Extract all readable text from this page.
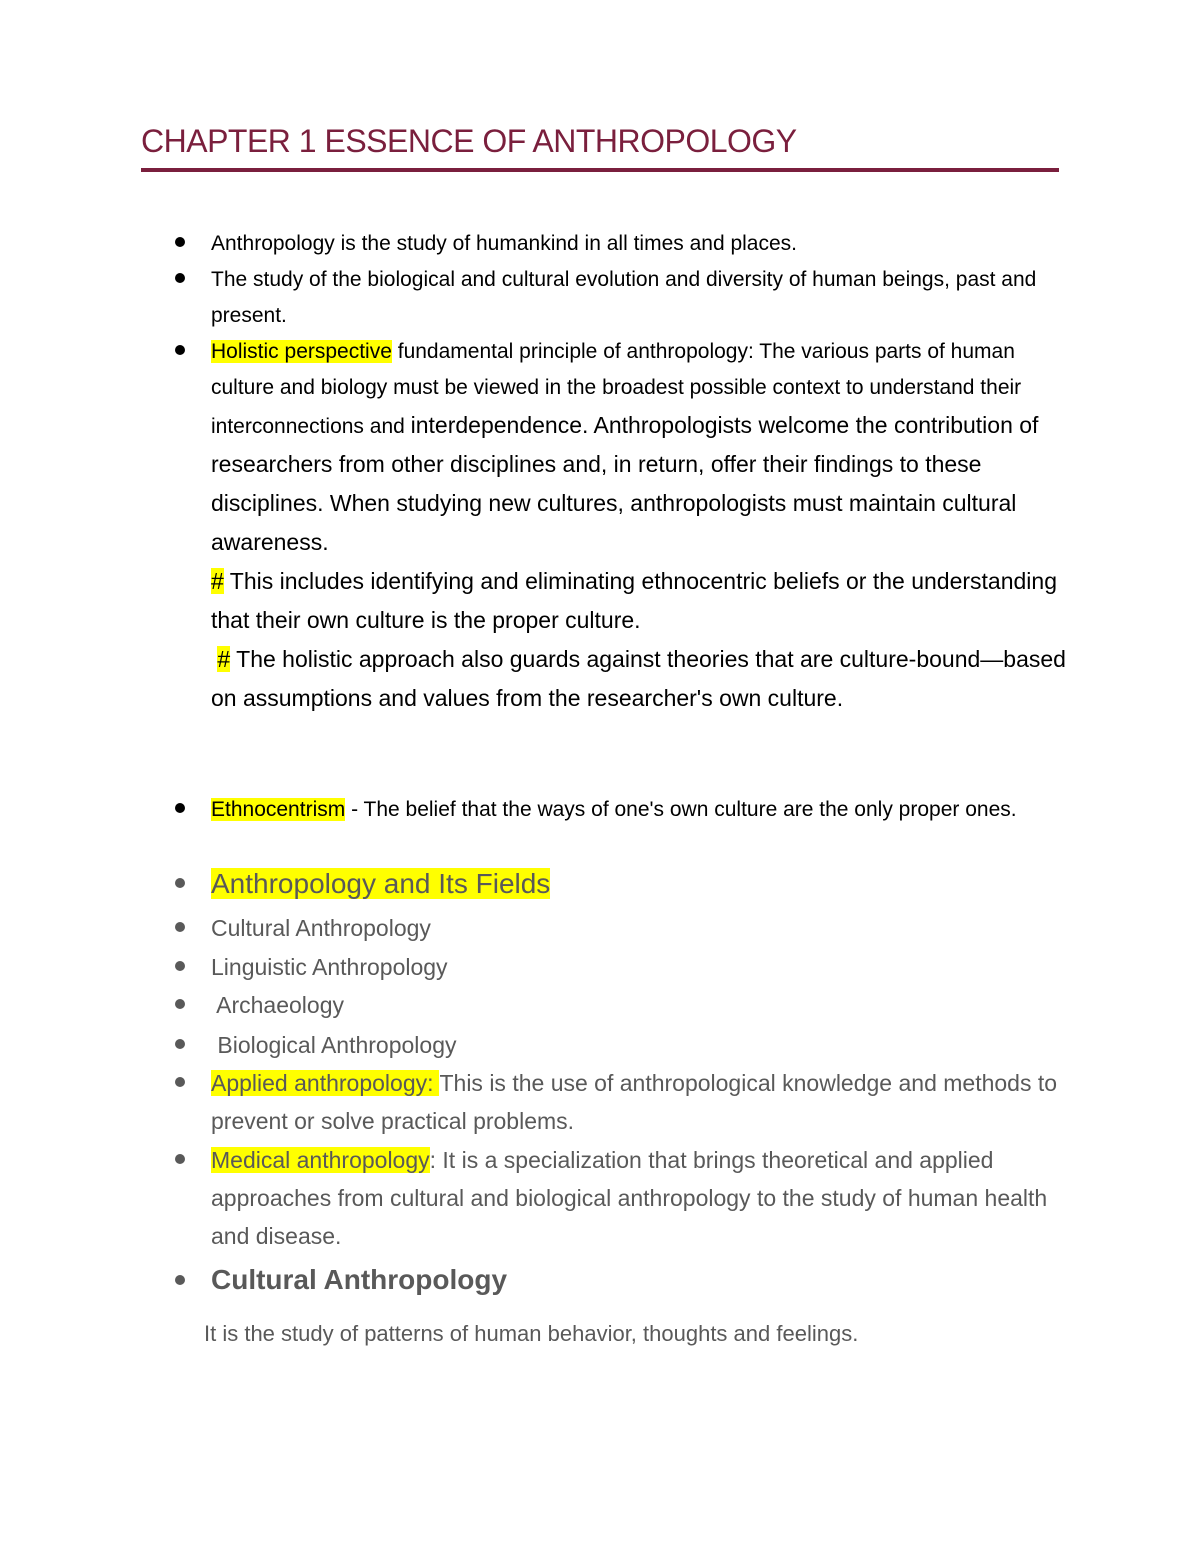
CHAPTER 1 ESSENCE OF ANTHROPOLOGY

Anthropology is the study of humankind in all times and places.

The study of the biological and cultural evolution and diversity of human beings, past and present.

Holistic perspective fundamental principle of anthropology: The various parts of human culture and biology must be viewed in the broadest possible context to understand their interconnections and interdependence. Anthropologists welcome the contribution of researchers from other disciplines and, in return, offer their findings to these disciplines. When studying new cultures, anthropologists must maintain cultural awareness.
# This includes identifying and eliminating ethnocentric beliefs or the understanding that their own culture is the proper culture.
# The holistic approach also guards against theories that are culture-bound—based on assumptions and values from the researcher's own culture.

Ethnocentrism - The belief that the ways of one's own culture are the only proper ones.

Anthropology and Its Fields

Cultural Anthropology

Linguistic Anthropology

Archaeology

Biological Anthropology

Applied anthropology: This is the use of anthropological knowledge and methods to prevent or solve practical problems.

Medical anthropology: It is a specialization that brings theoretical and applied approaches from cultural and biological anthropology to the study of human health and disease.

Cultural Anthropology

It is the study of patterns of human behavior, thoughts and feelings.
